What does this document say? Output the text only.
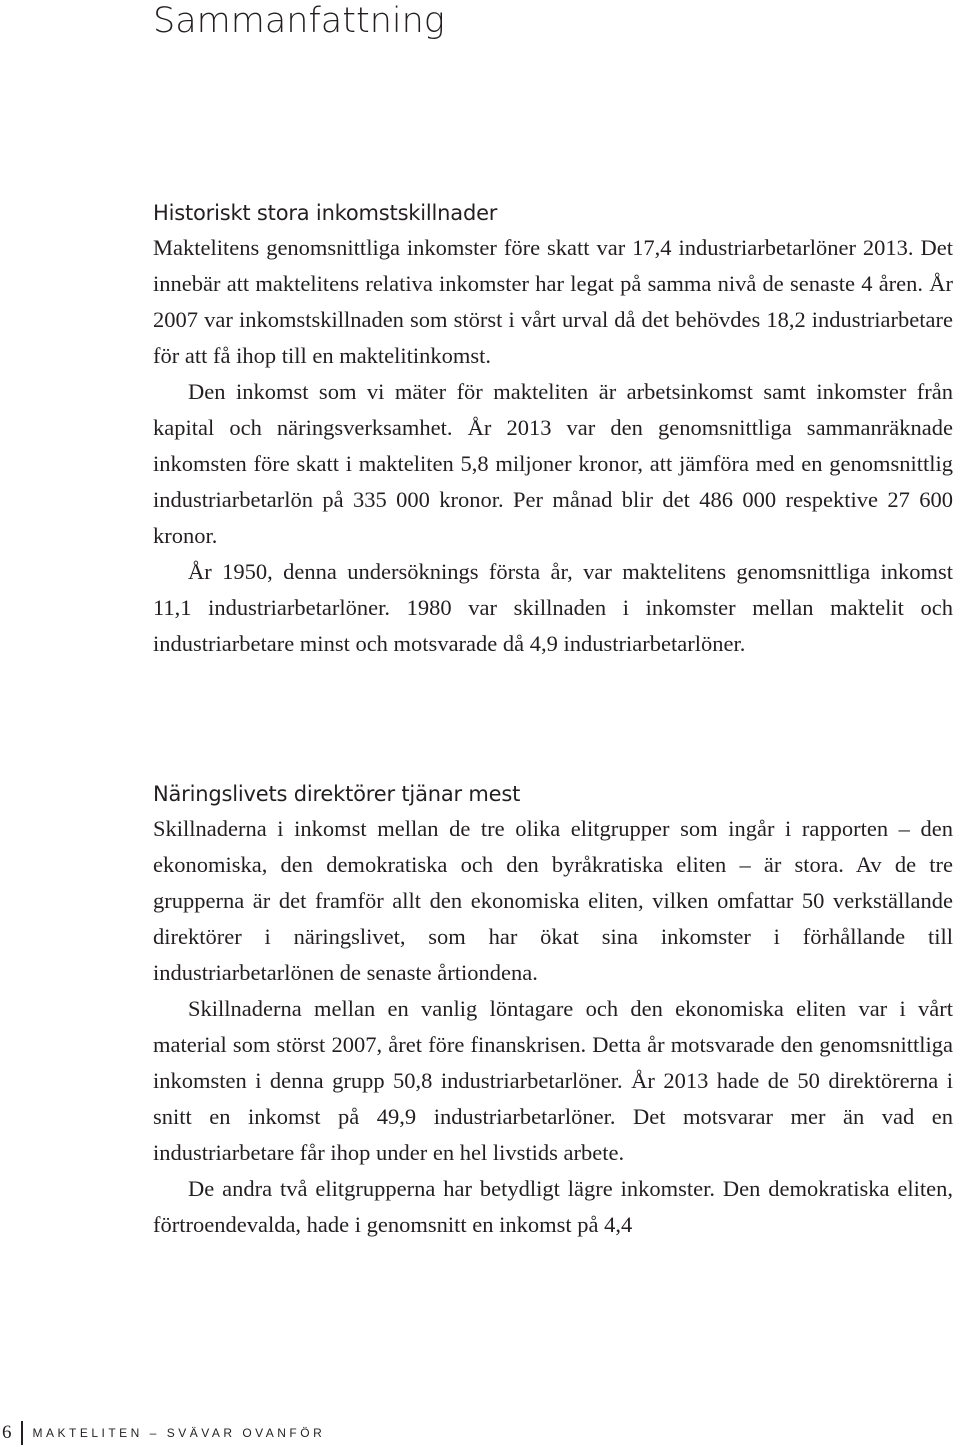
Sammanfattning
Historiskt stora inkomstskillnader

Maktelitens genomsnittliga inkomster före skatt var 17,4 industriarbetarlöner 2013. Det innebär att maktelitens relativa inkomster har legat på samma nivå de senaste 4 åren. År 2007 var inkomstskillnaden som störst i vårt urval då det behövdes 18,2 industriarbetare för att få ihop till en maktelitinkomst.

Den inkomst som vi mäter för makteliten är arbetsinkomst samt inkomster från kapital och näringsverksamhet. År 2013 var den genomsnittliga sammanräknade inkomsten före skatt i makteliten 5,8 miljoner kronor, att jämföra med en genomsnittlig industriarbetarlön på 335 000 kronor. Per månad blir det 486 000 respektive 27 600 kronor.

År 1950, denna undersöknings första år, var maktelitens genomsnittliga inkomst 11,1 industriarbetarlöner. 1980 var skillnaden i inkomster mellan maktelit och industriarbetare minst och motsvarade då 4,9 industriarbetarlöner.

Näringslivets direktörer tjänar mest

Skillnaderna i inkomst mellan de tre olika elitgrupper som ingår i rapporten – den ekonomiska, den demokratiska och den byråkratiska eliten – är stora. Av de tre grupperna är det framför allt den ekonomiska eliten, vilken omfattar 50 verkställande direktörer i näringslivet, som har ökat sina inkomster i förhållande till industriarbetarlönen de senaste årtiondena.

Skillnaderna mellan en vanlig löntagare och den ekonomiska eliten var i vårt material som störst 2007, året före finanskrisen. Detta år motsvarade den genomsnittliga inkomsten i denna grupp 50,8 industriarbetarlöner. År 2013 hade de 50 direktörerna i snitt en inkomst på 49,9 industriarbetarlöner. Det motsvarar mer än vad en industriarbetare får ihop under en hel livstids arbete.

De andra två elitgrupperna har betydligt lägre inkomster. Den demokratiska eliten, förtroendevalda, hade i genomsnitt en inkomst på 4,4

6 MAKTELITEN – SVÄVAR OVANFÖR
